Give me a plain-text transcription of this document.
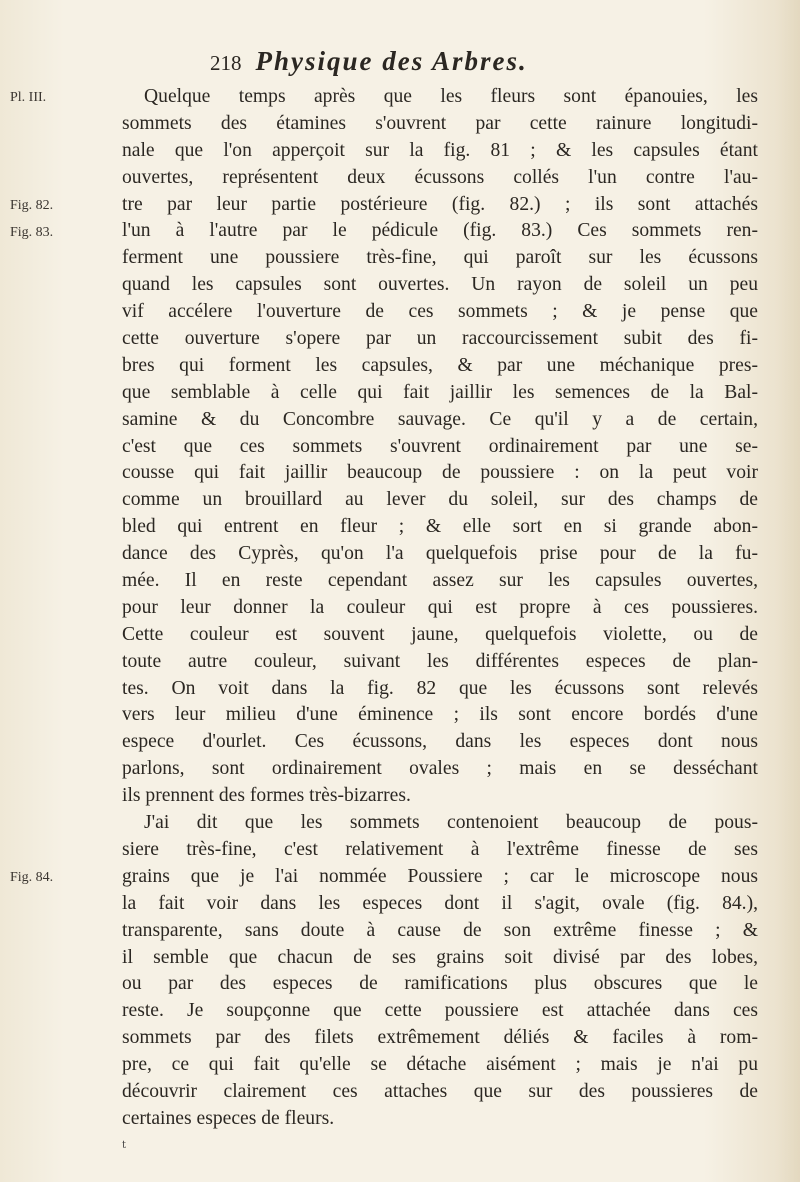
218 Physique des Arbres.
Pl. III.
Fig. 82.
Fig. 83.
Fig. 84.
Quelque temps après que les fleurs sont épanouies, les
sommets des étamines s'ouvrent par cette rainure longitudi-
nale que l'on apperçoit sur la fig. 81 ; & les capsules étant
ouvertes, représentent deux écussons collés l'un contre l'au-
tre par leur partie postérieure (fig. 82.) ; ils sont attachés
l'un à l'autre par le pédicule (fig. 83.) Ces sommets ren-
ferment une poussiere très-fine, qui paroît sur les écussons
quand les capsules sont ouvertes. Un rayon de soleil un peu
vif accélere l'ouverture de ces sommets ; & je pense que
cette ouverture s'opere par un raccourcissement subit des fi-
bres qui forment les capsules, & par une méchanique pres-
que semblable à celle qui fait jaillir les semences de la Bal-
samine & du Concombre sauvage. Ce qu'il y a de certain,
c'est que ces sommets s'ouvrent ordinairement par une se-
cousse qui fait jaillir beaucoup de poussiere : on la peut voir
comme un brouillard au lever du soleil, sur des champs de
bled qui entrent en fleur ; & elle sort en si grande abon-
dance des Cyprès, qu'on l'a quelquefois prise pour de la fu-
mée. Il en reste cependant assez sur les capsules ouvertes,
pour leur donner la couleur qui est propre à ces poussieres.
Cette couleur est souvent jaune, quelquefois violette, ou de
toute autre couleur, suivant les différentes especes de plan-
tes. On voit dans la fig. 82 que les écussons sont relevés
vers leur milieu d'une éminence ; ils sont encore bordés d'une
espece d'ourlet. Ces écussons, dans les especes dont nous
parlons, sont ordinairement ovales ; mais en se desséchant
ils prennent des formes très-bizarres.
J'ai dit que les sommets contenoient beaucoup de pous-
siere très-fine, c'est relativement à l'extrême finesse de ses
grains que je l'ai nommée Poussiere ; car le microscope nous
la fait voir dans les especes dont il s'agit, ovale (fig. 84.),
transparente, sans doute à cause de son extrême finesse ; &
il semble que chacun de ses grains soit divisé par des lobes,
ou par des especes de ramifications plus obscures que le
reste. Je soupçonne que cette poussiere est attachée dans ces
sommets par des filets extrêmement déliés & faciles à rom-
pre, ce qui fait qu'elle se détache aisément ; mais je n'ai pu
découvrir clairement ces attaches que sur des poussieres de
certaines especes de fleurs.
t
